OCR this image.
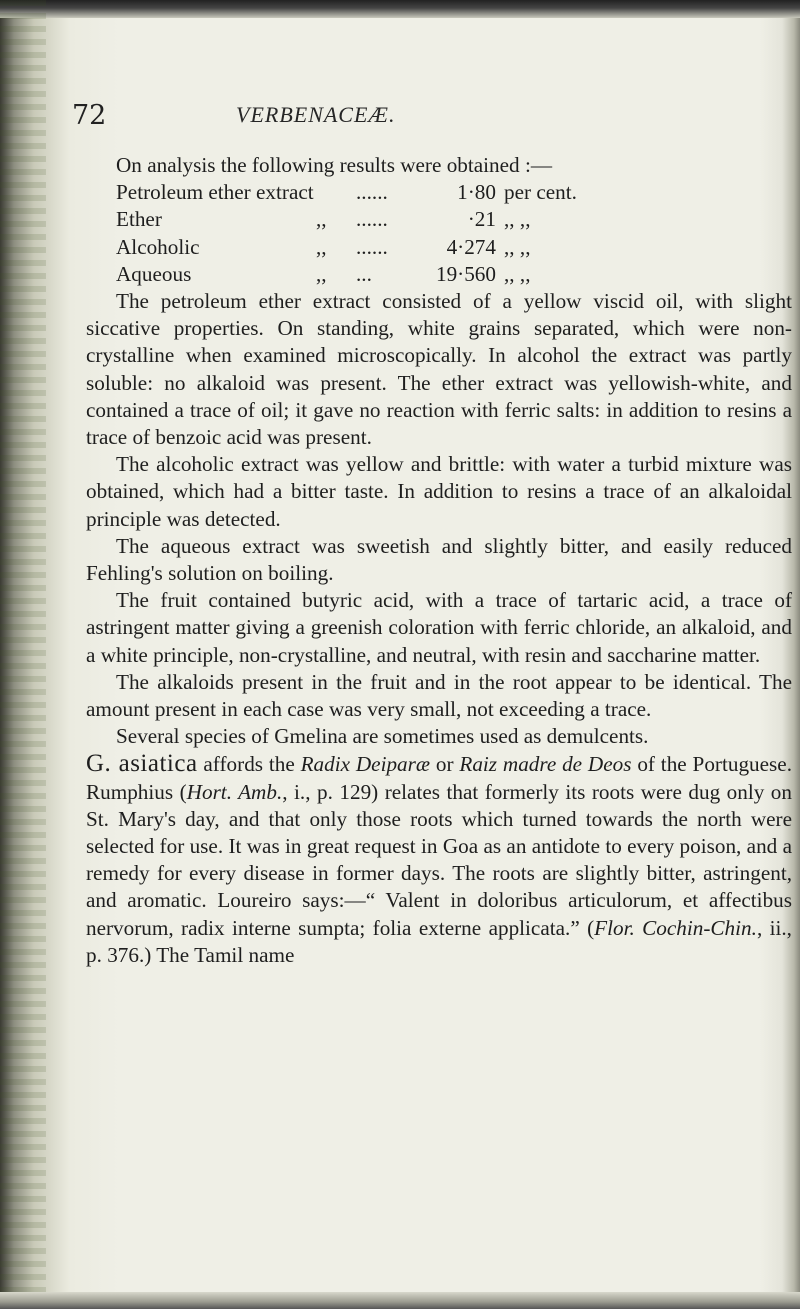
72	VERBENACEÆ.

On analysis the following results were obtained :—

Petroleum ether extract		......	1·80	per cent.
Ether	,,	......	·21	,, ,,
Alcoholic	,,	......	4·274	,, ,,
Aqueous	,,	...	19·560	,, ,,

The petroleum ether extract consisted of a yellow viscid oil, with slight siccative properties. On standing, white grains separated, which were non-crystalline when examined microscopically. In alcohol the extract was partly soluble: no alkaloid was present. The ether extract was yellowish-white, and contained a trace of oil; it gave no reaction with ferric salts: in addition to resins a trace of benzoic acid was present.

The alcoholic extract was yellow and brittle: with water a turbid mixture was obtained, which had a bitter taste. In addition to resins a trace of an alkaloidal principle was detected.

The aqueous extract was sweetish and slightly bitter, and easily reduced Fehling's solution on boiling.

The fruit contained butyric acid, with a trace of tartaric acid, a trace of astringent matter giving a greenish coloration with ferric chloride, an alkaloid, and a white principle, non-crystalline, and neutral, with resin and saccharine matter.

The alkaloids present in the fruit and in the root appear to be identical. The amount present in each case was very small, not exceeding a trace.

Several species of Gmelina are sometimes used as demulcents.

G. asiatica affords the Radix Deiparæ or Raiz madre de Deos of the Portuguese. Rumphius (Hort. Amb., i., p. 129) relates that formerly its roots were dug only on St. Mary's day, and that only those roots which turned towards the north were selected for use. It was in great request in Goa as an antidote to every poison, and a remedy for every disease in former days. The roots are slightly bitter, astringent, and aromatic. Loureiro says:—“ Valent in doloribus articulorum, et affectibus nervorum, radix interne sumpta; folia externe applicata.” (Flor. Cochin-Chin., ii., p. 376.) The Tamil name
